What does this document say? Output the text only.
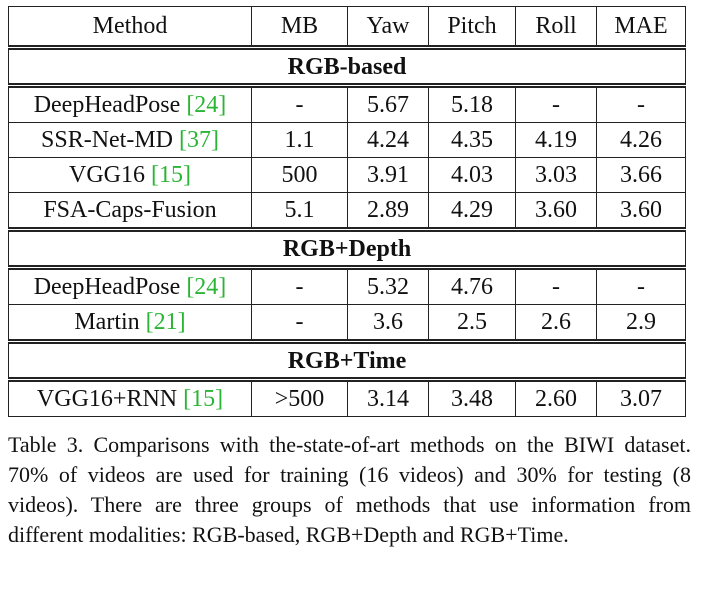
Method	MB	Yaw	Pitch	Roll	MAE
RGB-based					
DeepHeadPose [24]	-	5.67	5.18	-	-
SSR-Net-MD [37]	1.1	4.24	4.35	4.19	4.26
VGG16 [15]	500	3.91	4.03	3.03	3.66
FSA-Caps-Fusion	5.1	2.89	4.29	3.60	3.60
RGB+Depth					
DeepHeadPose [24]	-	5.32	4.76	-	-
Martin [21]	-	3.6	2.5	2.6	2.9
RGB+Time					
VGG16+RNN [15]	>500	3.14	3.48	2.60	3.07

Table 3. Comparisons with the-state-of-art methods on the BIWI dataset. 70% of videos are used for training (16 videos) and 30% for testing (8 videos). There are three groups of methods that use information from different modalities: RGB-based, RGB+Depth and RGB+Time.
